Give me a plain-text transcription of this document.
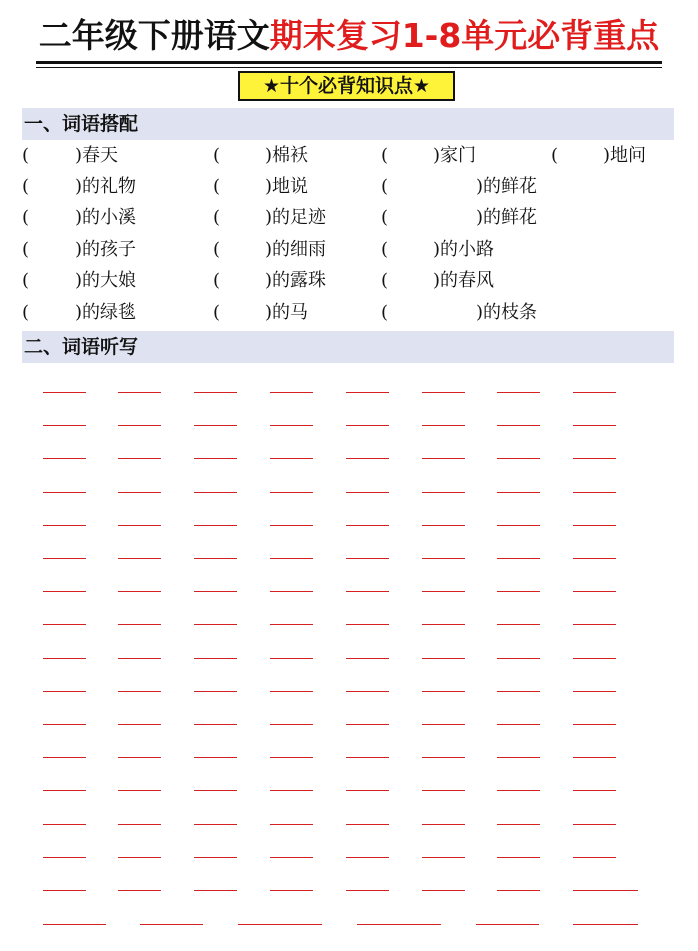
二年级下册语文期末复习1-8单元必背重点
★十个必背知识点★
一、词语搭配
(	)春天	( )棉袄	( )家门	( )地问
(	)的礼物	( )地说	(	)的鲜花
(	)的小溪	( )的足迹	(	)的鲜花
(	)的孩子	( )的细雨	( )的小路
(	)的大娘	( )的露珠	( )的春风
(	)的绿毯	( )的马	(	)的枝条
二、词语听写
